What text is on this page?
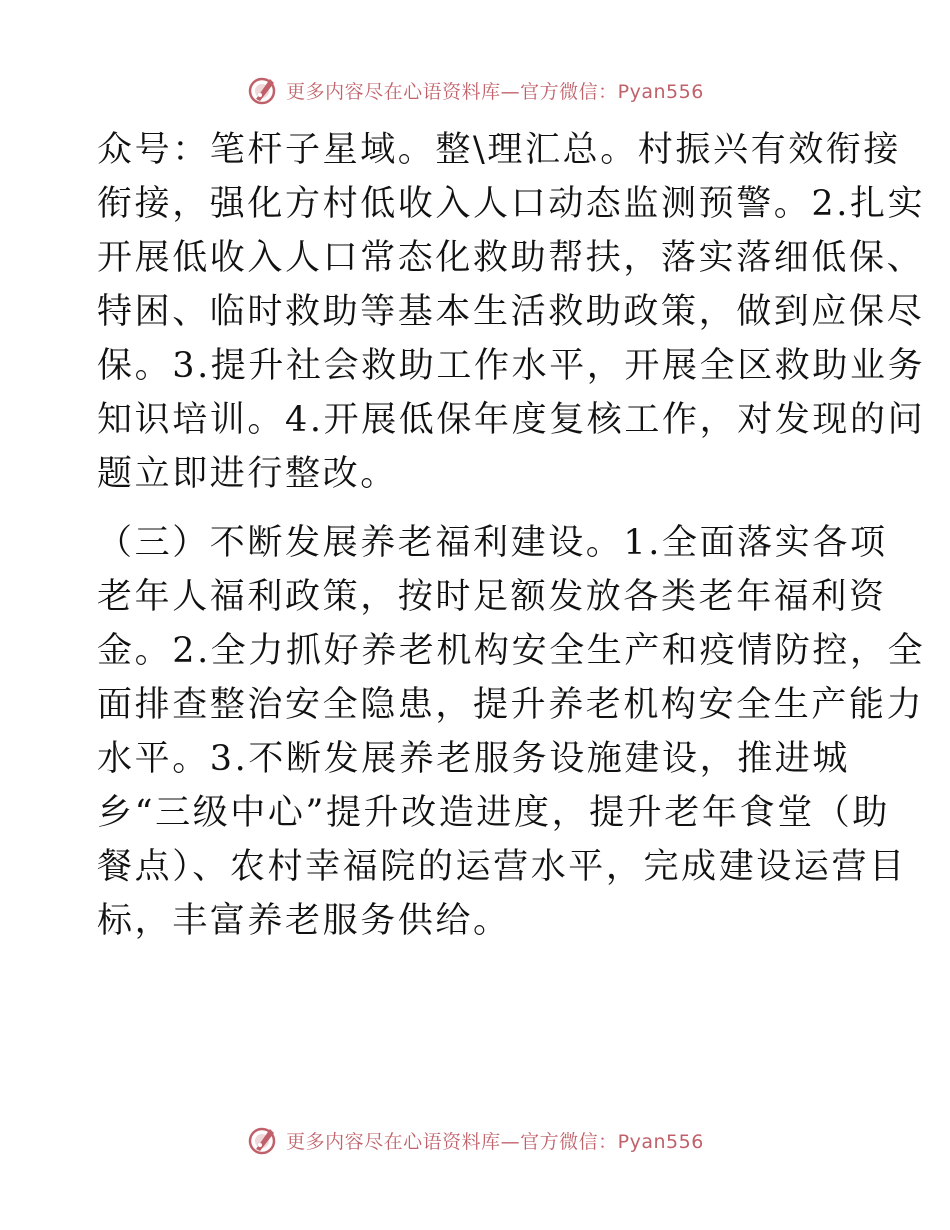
更多内容尽在心语资料库—官方微信：Pyan556

众号：笔杆子星域。整\理汇总。村振兴有效衔接
衔接，强化方村低收入人口动态监测预警。2.扎实
开展低收入人口常态化救助帮扶，落实落细低保、
特困、临时救助等基本生活救助政策，做到应保尽
保。3.提升社会救助工作水平，开展全区救助业务
知识培训。4.开展低保年度复核工作，对发现的问
题立即进行整改。

（三）不断发展养老福利建设。1.全面落实各项
老年人福利政策，按时足额发放各类老年福利资
金。2.全力抓好养老机构安全生产和疫情防控，全
面排查整治安全隐患，提升养老机构安全生产能力
水平。3.不断发展养老服务设施建设，推进城
乡“三级中心”提升改造进度，提升老年食堂（助
餐点）、农村幸福院的运营水平，完成建设运营目
标，丰富养老服务供给。

更多内容尽在心语资料库—官方微信：Pyan556
